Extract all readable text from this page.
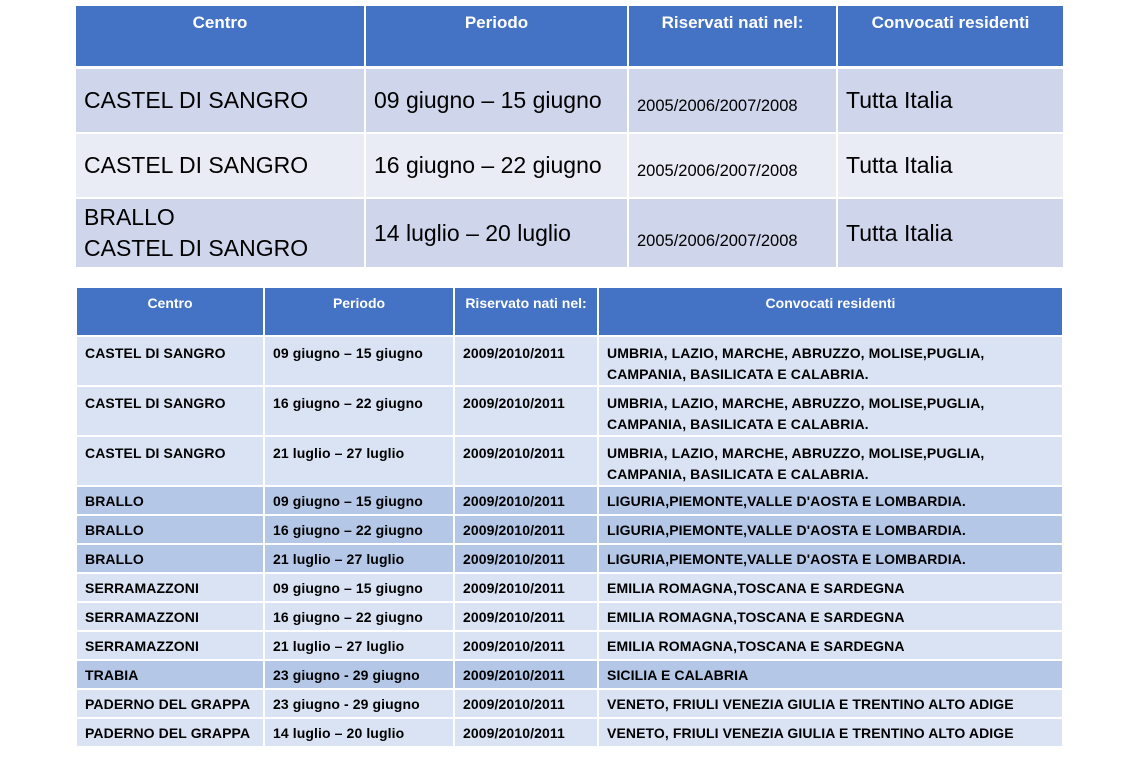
Centro	Periodo	Riservati nati nel:	Convocati residenti
CASTEL DI SANGRO	09 giugno – 15 giugno	2005/2006/2007/2008	Tutta Italia
CASTEL DI SANGRO	16 giugno – 22 giugno	2005/2006/2007/2008	Tutta Italia

BRALLO
CASTEL DI SANGRO	14 luglio – 20 luglio	2005/2006/2007/2008	Tutta Italia
Centro	Periodo	Riservato nati nel:	Convocati residenti
CASTEL DI SANGRO	09 giugno – 15 giugno	2009/2010/2011	UMBRIA, LAZIO, MARCHE, ABRUZZO, MOLISE,PUGLIA,
CAMPANIA, BASILICATA E CALABRIA.

CASTEL DI SANGRO	16 giugno – 22 giugno	2009/2010/2011	UMBRIA, LAZIO, MARCHE, ABRUZZO, MOLISE,PUGLIA,
CAMPANIA, BASILICATA E CALABRIA.

CASTEL DI SANGRO	21 luglio – 27 luglio	2009/2010/2011	UMBRIA, LAZIO, MARCHE, ABRUZZO, MOLISE,PUGLIA,
CAMPANIA, BASILICATA E CALABRIA.

BRALLO	09 giugno – 15 giugno	2009/2010/2011	LIGURIA,PIEMONTE,VALLE D'AOSTA E LOMBARDIA.

BRALLO	16 giugno – 22 giugno	2009/2010/2011	LIGURIA,PIEMONTE,VALLE D'AOSTA E LOMBARDIA.

BRALLO	21 luglio – 27 luglio	2009/2010/2011	LIGURIA,PIEMONTE,VALLE D'AOSTA E LOMBARDIA.

SERRAMAZZONI	09 giugno – 15 giugno	2009/2010/2011	EMILIA ROMAGNA,TOSCANA E SARDEGNA

SERRAMAZZONI	16 giugno – 22 giugno	2009/2010/2011	EMILIA ROMAGNA,TOSCANA E SARDEGNA

SERRAMAZZONI	21 luglio – 27 luglio	2009/2010/2011	EMILIA ROMAGNA,TOSCANA E SARDEGNA

TRABIA	23 giugno - 29 giugno	2009/2010/2011	SICILIA E CALABRIA

PADERNO DEL GRAPPA	23 giugno - 29 giugno	2009/2010/2011	VENETO, FRIULI VENEZIA GIULIA E TRENTINO ALTO ADIGE

PADERNO DEL GRAPPA	14 luglio – 20 luglio	2009/2010/2011	VENETO, FRIULI VENEZIA GIULIA E TRENTINO ALTO ADIGE
